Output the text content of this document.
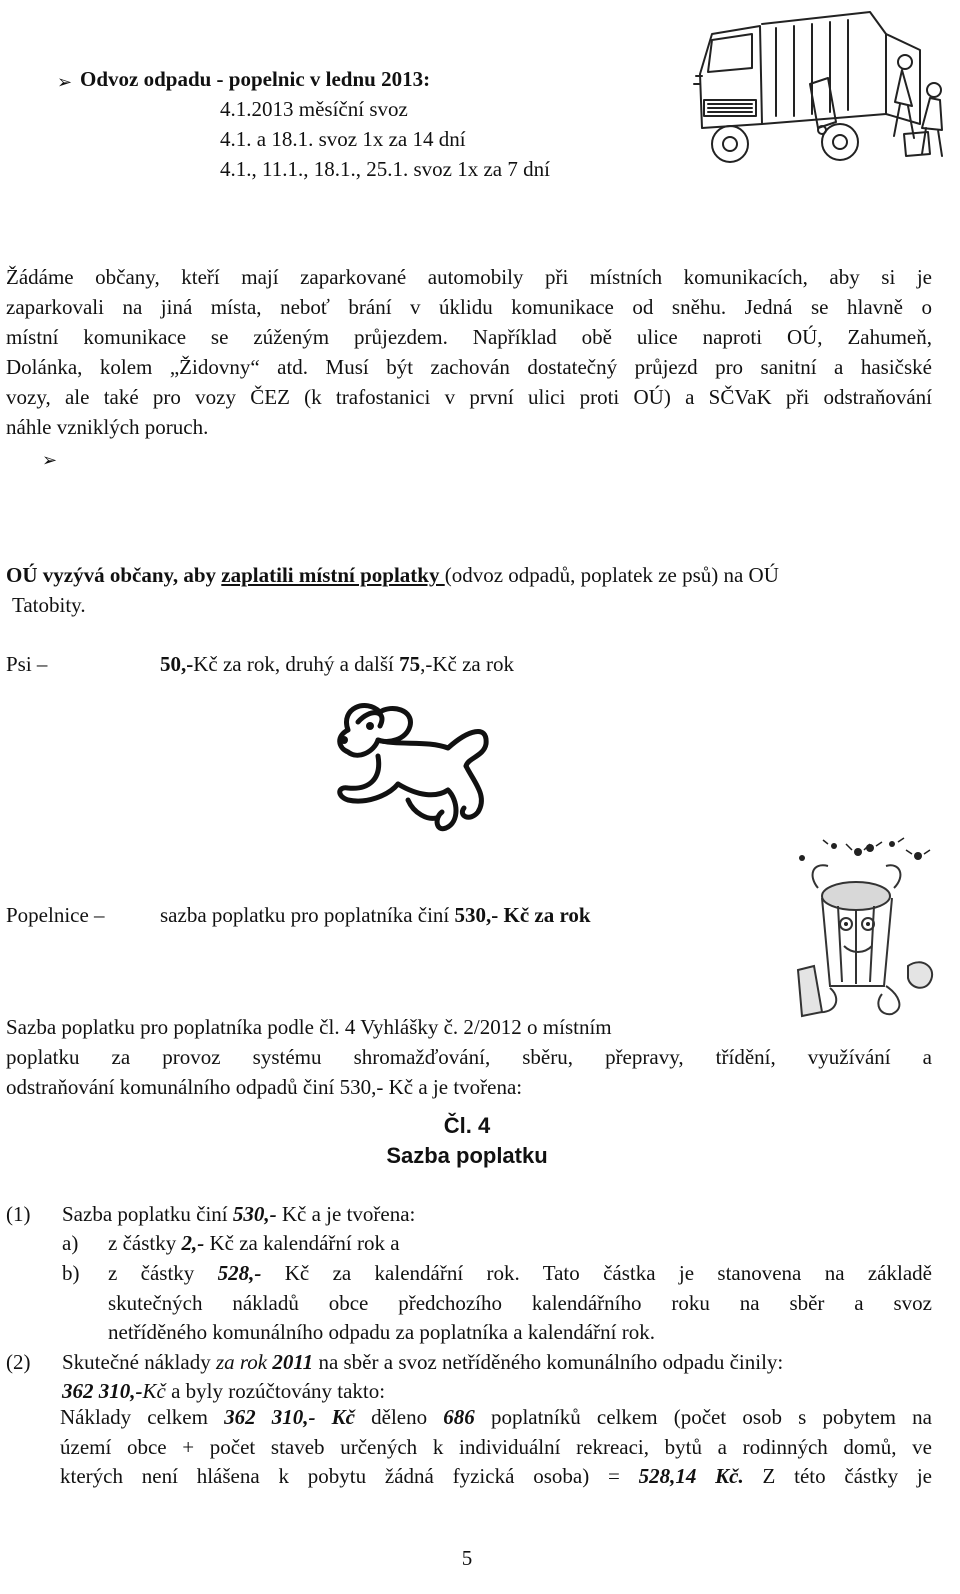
➢ Odvoz odpadu - popelnic v lednu 2013:
4.1.2013 měsíční svoz
4.1. a 18.1. svoz 1x za 14 dní
4.1., 11.1., 18.1., 25.1. svoz 1x za 7 dní
Žádáme občany, kteří mají zaparkované automobily při místních komunikacích, aby si je
zaparkovali na jiná místa, neboť brání v úklidu komunikace od sněhu. Jedná se hlavně o
místní komunikace se zúženým průjezdem. Například obě ulice naproti OÚ, Zahumeň,
Dolánka, kolem „Židovny“ atd. Musí být zachován dostatečný průjezd pro sanitní a hasičské
vozy, ale také pro vozy ČEZ (k trafostanici v první ulici proti OÚ) a SČVaK při odstraňování
náhle vzniklých poruch.
➢
OÚ vyzývá občany, aby zaplatili místní poplatky (odvoz odpadů, poplatek ze psů) na OÚ
Tatobity.
Psi –	50,-Kč za rok, druhý a další 75,-Kč za rok
Popelnice –	sazba poplatku pro poplatníka činí 530,- Kč za rok
Sazba poplatku pro poplatníka podle čl. 4 Vyhlášky č. 2/2012 o místním
poplatku za provoz systému shromažďování, sběru, přepravy, třídění, využívání a
odstraňování komunálního odpadů činí 530,- Kč a je tvořena:
Čl. 4
Sazba poplatku
(1) Sazba poplatku činí 530,- Kč a je tvořena:
a) z částky 2,- Kč za kalendářní rok a
b) z částky 528,- Kč za kalendářní rok. Tato částka je stanovena na základě
skutečných nákladů obce předchozího kalendářního roku na sběr a svoz
netříděného komunálního odpadu za poplatníka a kalendářní rok.
(2) Skutečné náklady za rok 2011 na sběr a svoz netříděného komunálního odpadu činily:
362 310,-Kč a byly rozúčtovány takto:
Náklady celkem 362 310,- Kč děleno 686 poplatníků celkem (počet osob s pobytem na
území obce + počet staveb určených k individuální rekreaci, bytů a rodinných domů, ve
kterých není hlášena k pobytu žádná fyzická osoba) = 528,14 Kč. Z této částky je
5
